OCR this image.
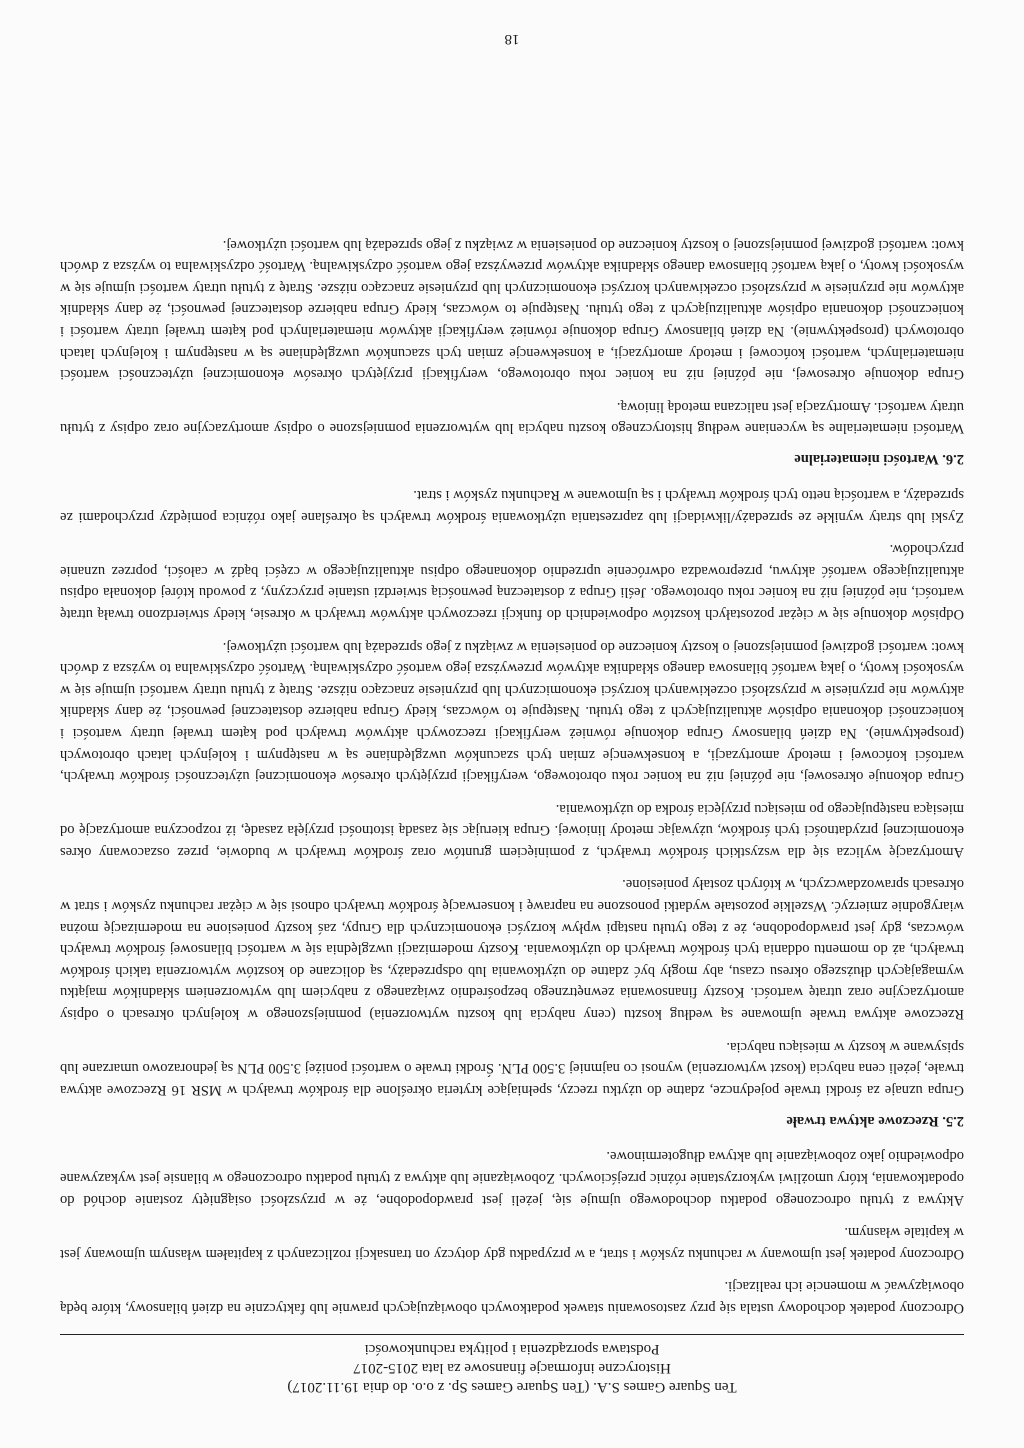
Ten Square Games S.A. (Ten Square Games Sp. z o.o. do dnia 19.11.2017)
Historyczne informacje finansowe za lata 2015-2017
Podstawa sporządzenia i polityka rachunkowości

Odroczony podatek dochodowy ustala się przy zastosowaniu stawek podatkowych obowiązujących prawnie lub faktycznie na dzień bilansowy, które będą obowiązywać w momencie ich realizacji.

Odroczony podatek jest ujmowany w rachunku zysków i strat, a w przypadku gdy dotyczy on transakcji rozliczanych z kapitałem własnym ujmowany jest w kapitale własnym.

Aktywa z tytułu odroczonego podatku dochodowego ujmuje się, jeżeli jest prawdopodobne, że w przyszłości osiągnięty zostanie dochód do opodatkowania, który umożliwi wykorzystanie różnic przejściowych. Zobowiązanie lub aktywa z tytułu podatku odroczonego w bilansie jest wykazywane odpowiednio jako zobowiązanie lub aktywa długoterminowe.

2.5. Rzeczowe aktywa trwałe

Grupa uznaje za środki trwałe pojedyncze, zdatne do użytku rzeczy, spełniające kryteria określone dla środków trwałych w MSR 16 Rzeczowe aktywa trwałe, jeżeli cena nabycia (koszt wytworzenia) wynosi co najmniej 3.500 PLN. Środki trwałe o wartości poniżej 3.500 PLN są jednorazowo umarzane lub spisywane w koszty w miesiącu nabycia.

Rzeczowe aktywa trwałe ujmowane są według kosztu (ceny nabycia lub kosztu wytworzenia) pomniejszonego w kolejnych okresach o odpisy amortyzacyjne oraz utratę wartości. Koszty finansowania zewnętrznego bezpośrednio związanego z nabyciem lub wytworzeniem składników majątku wymagających dłuższego okresu czasu, aby mogły być zdatne do użytkowania lub odsprzedaży, są doliczane do kosztów wytworzenia takich środków trwałych, aż do momentu oddania tych środków trwałych do użytkowania. Koszty modernizacji uwzględnia się w wartości bilansowej środków trwałych wówczas, gdy jest prawdopodobne, że z tego tytułu nastąpi wpływ korzyści ekonomicznych dla Grupy, zaś koszty poniesione na modernizację można wiarygodnie zmierzyć. Wszelkie pozostałe wydatki ponoszone na naprawę i konserwację środków trwałych odnosi się w ciężar rachunku zysków i strat w okresach sprawozdawczych, w których zostały poniesione.

Amortyzację wylicza się dla wszystkich środków trwałych, z pominięciem gruntów oraz środków trwałych w budowie, przez oszacowany okres ekonomicznej przydatności tych środków, używając metody liniowej. Grupa kierując się zasadą istotności przyjęła zasadę, iż rozpoczyna amortyzację od miesiąca następującego po miesiącu przyjęcia środka do użytkowania.

Grupa dokonuje okresowej, nie później niż na koniec roku obrotowego, weryfikacji przyjętych okresów ekonomicznej użyteczności środków trwałych, wartości końcowej i metody amortyzacji, a konsekwencje zmian tych szacunków uwzględniane są w następnym i kolejnych latach obrotowych (prospektywnie). Na dzień bilansowy Grupa dokonuje również weryfikacji rzeczowych aktywów trwałych pod kątem trwałej utraty wartości i konieczności dokonania odpisów aktualizujących z tego tytułu. Następuje to wówczas, kiedy Grupa nabierze dostatecznej pewności, że dany składnik aktywów nie przyniesie w przyszłości oczekiwanych korzyści ekonomicznych lub przyniesie znacząco niższe. Stratę z tytułu utraty wartości ujmuje się w wysokości kwoty, o jaką wartość bilansowa danego składnika aktywów przewyższa jego wartość odzyskiwalną. Wartość odzyskiwalna to wyższa z dwóch kwot: wartości godziwej pomniejszonej o koszty konieczne do poniesienia w związku z jego sprzedażą lub wartości użytkowej.

Odpisów dokonuje się w ciężar pozostałych kosztów odpowiednich do funkcji rzeczowych aktywów trwałych w okresie, kiedy stwierdzono trwałą utratę wartości, nie później niż na koniec roku obrotowego. Jeśli Grupa z dostateczną pewnością stwierdzi ustanie przyczyny, z powodu której dokonała odpisu aktualizującego wartość aktywu, przeprowadza odwrócenie uprzednio dokonanego odpisu aktualizującego w części bądź w całości, poprzez uznanie przychodów.

Zyski lub straty wynikłe ze sprzedaży/likwidacji lub zaprzestania użytkowania środków trwałych są określane jako różnica pomiędzy przychodami ze sprzedaży, a wartością netto tych środków trwałych i są ujmowane w Rachunku zysków i strat.

2.6. Wartości niematerialne

Wartości niematerialne są wyceniane według historycznego kosztu nabycia lub wytworzenia pomniejszone o odpisy amortyzacyjne oraz odpisy z tytułu utraty wartości. Amortyzacja jest naliczana metodą liniową.

Grupa dokonuje okresowej, nie później niż na koniec roku obrotowego, weryfikacji przyjętych okresów ekonomicznej użyteczności wartości niematerialnych, wartości końcowej i metody amortyzacji, a konsekwencje zmian tych szacunków uwzględniane są w następnym i kolejnych latach obrotowych (prospektywnie). Na dzień bilansowy Grupa dokonuje również weryfikacji aktywów niematerialnych pod kątem trwałej utraty wartości i konieczności dokonania odpisów aktualizujących z tego tytułu. Następuje to wówczas, kiedy Grupa nabierze dostatecznej pewności, że dany składnik aktywów nie przyniesie w przyszłości oczekiwanych korzyści ekonomicznych lub przyniesie znacząco niższe. Stratę z tytułu utraty wartości ujmuje się w wysokości kwoty, o jaką wartość bilansowa danego składnika aktywów przewyższa jego wartość odzyskiwalną. Wartość odzyskiwalna to wyższa z dwóch kwot: wartości godziwej pomniejszonej o koszty konieczne do poniesienia w związku z jego sprzedażą lub wartości użytkowej.

18
